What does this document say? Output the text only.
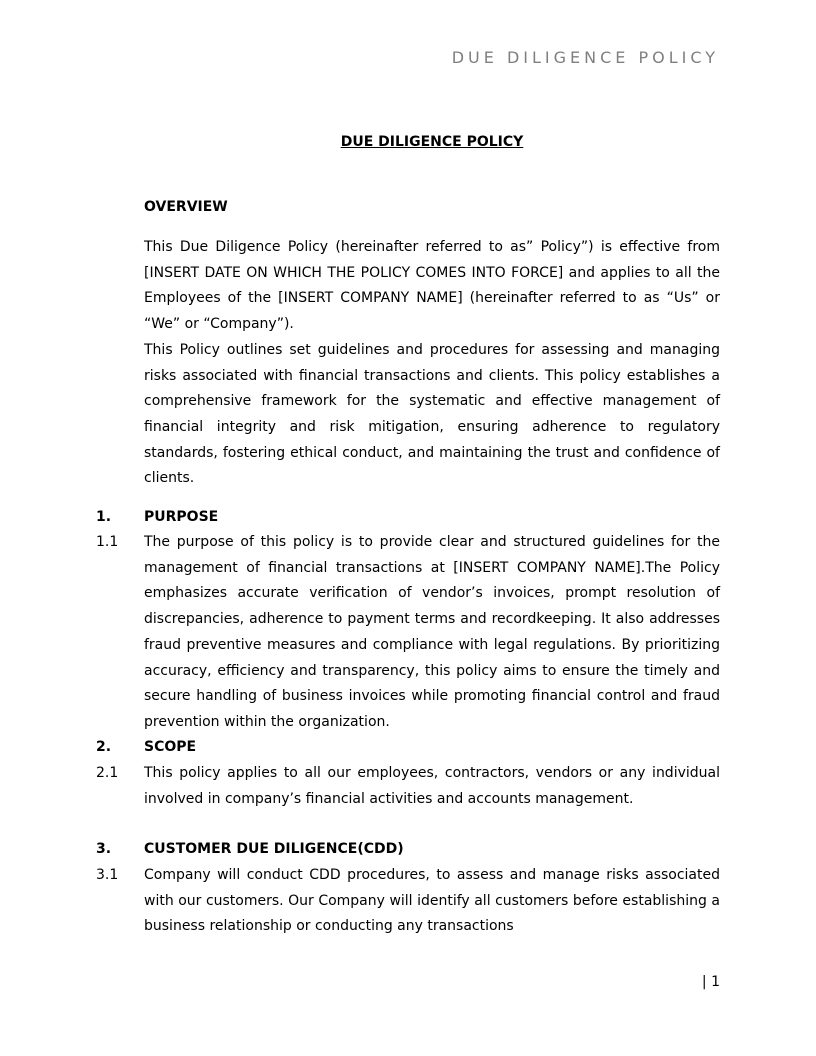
DUE DILIGENCE POLICY
DUE DILIGENCE POLICY
OVERVIEW

This Due Diligence Policy (hereinafter referred to as” Policy”) is effective from [INSERT DATE ON WHICH THE POLICY COMES INTO FORCE] and applies to all the Employees of the [INSERT COMPANY NAME] (hereinafter referred to as “Us” or “We” or “Company”).

This Policy outlines set guidelines and procedures for assessing and managing risks associated with financial transactions and clients. This policy establishes a comprehensive framework for the systematic and effective management of financial integrity and risk mitigation, ensuring adherence to regulatory standards, fostering ethical conduct, and maintaining the trust and confidence of clients.

1.	PURPOSE
1.1	The purpose of this policy is to provide clear and structured guidelines for the management of financial transactions at [INSERT COMPANY NAME].The Policy emphasizes accurate verification of vendor’s invoices, prompt resolution of discrepancies, adherence to payment terms and recordkeeping. It also addresses fraud preventive measures and compliance with legal regulations. By prioritizing accuracy, efficiency and transparency, this policy aims to ensure the timely and secure handling of business invoices while promoting financial control and fraud prevention within the organization.
2.	SCOPE
2.1	This policy applies to all our employees, contractors, vendors or any individual involved in company’s financial activities and accounts management.
3.	CUSTOMER DUE DILIGENCE(CDD)
3.1	Company will conduct CDD procedures, to assess and manage risks associated with our customers. Our Company will identify all customers before establishing a business relationship or conducting any transactions
| 1
